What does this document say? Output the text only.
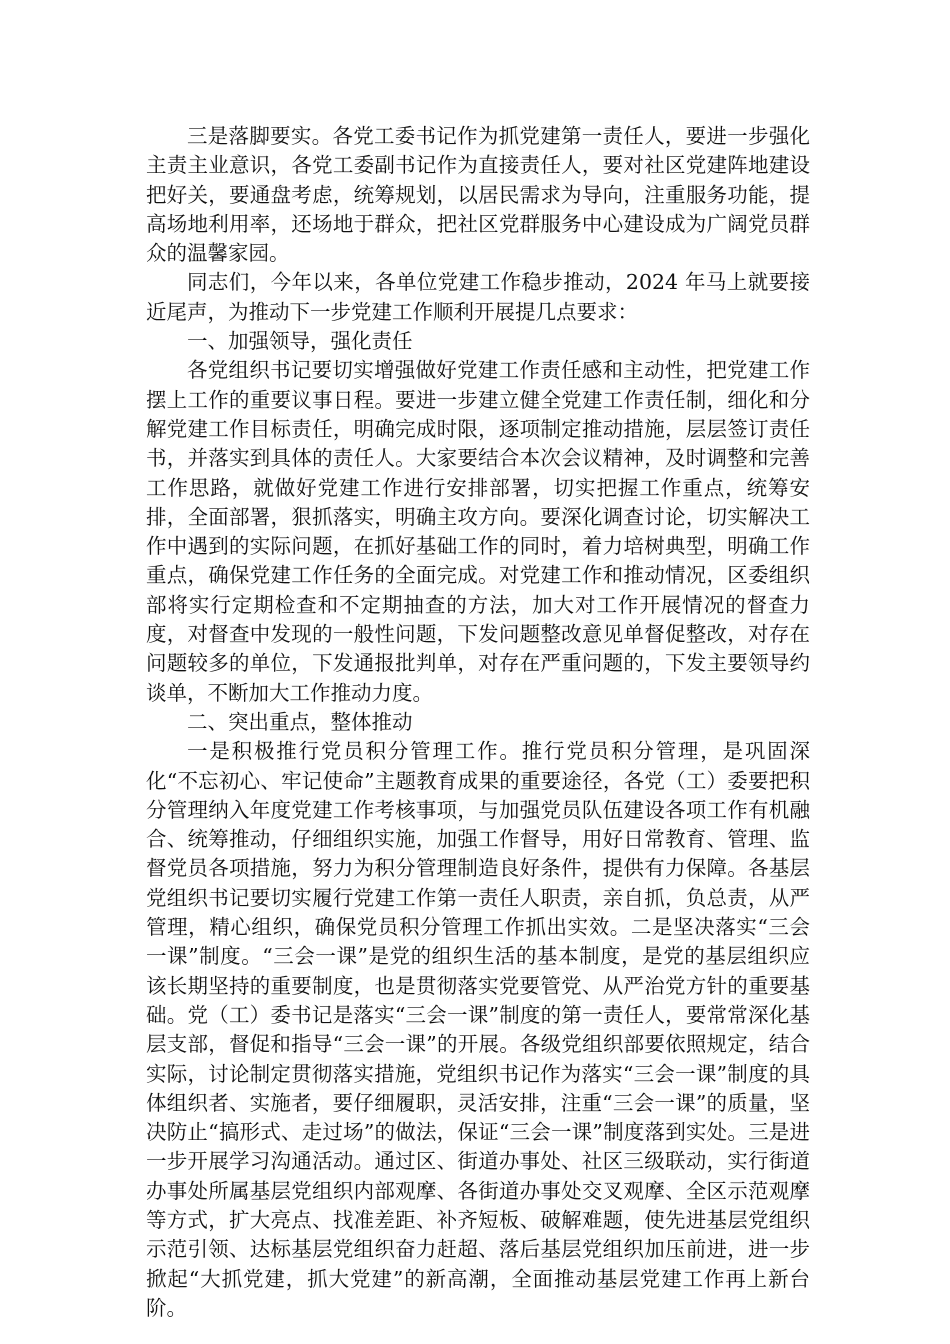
三是落脚要实。各党工委书记作为抓党建第一责任人，要进一步强化主责主业意识，各党工委副书记作为直接责任人，要对社区党建阵地建设把好关，要通盘考虑，统筹规划，以居民需求为导向，注重服务功能，提高场地利用率，还场地于群众，把社区党群服务中心建设成为广阔党员群众的温馨家园。

同志们，今年以来，各单位党建工作稳步推动，2024 年马上就要接近尾声，为推动下一步党建工作顺利开展提几点要求：

一、加强领导，强化责任

各党组织书记要切实增强做好党建工作责任感和主动性，把党建工作摆上工作的重要议事日程。要进一步建立健全党建工作责任制，细化和分解党建工作目标责任，明确完成时限，逐项制定推动措施，层层签订责任书，并落实到具体的责任人。大家要结合本次会议精神，及时调整和完善工作思路，就做好党建工作进行安排部署，切实把握工作重点，统筹安排，全面部署，狠抓落实，明确主攻方向。要深化调查讨论，切实解决工作中遇到的实际问题，在抓好基础工作的同时，着力培树典型，明确工作重点，确保党建工作任务的全面完成。对党建工作和推动情况，区委组织部将实行定期检查和不定期抽查的方法，加大对工作开展情况的督查力度，对督查中发现的一般性问题，下发问题整改意见单督促整改，对存在问题较多的单位，下发通报批判单，对存在严重问题的，下发主要领导约谈单，不断加大工作推动力度。

二、突出重点，整体推动

一是积极推行党员积分管理工作。推行党员积分管理，是巩固深化“不忘初心、牢记使命”主题教育成果的重要途径，各党（工）委要把积分管理纳入年度党建工作考核事项，与加强党员队伍建设各项工作有机融合、统筹推动，仔细组织实施，加强工作督导，用好日常教育、管理、监督党员各项措施，努力为积分管理制造良好条件，提供有力保障。各基层党组织书记要切实履行党建工作第一责任人职责，亲自抓，负总责，从严管理，精心组织，确保党员积分管理工作抓出实效。二是坚决落实“三会一课”制度。“三会一课”是党的组织生活的基本制度，是党的基层组织应该长期坚持的重要制度，也是贯彻落实党要管党、从严治党方针的重要基础。党（工）委书记是落实“三会一课”制度的第一责任人，要常常深化基层支部，督促和指导“三会一课”的开展。各级党组织部要依照规定，结合实际，讨论制定贯彻落实措施，党组织书记作为落实“三会一课”制度的具体组织者、实施者，要仔细履职，灵活安排，注重“三会一课”的质量，坚决防止“搞形式、走过场”的做法，保证“三会一课”制度落到实处。三是进一步开展学习沟通活动。通过区、街道办事处、社区三级联动，实行街道办事处所属基层党组织内部观摩、各街道办事处交叉观摩、全区示范观摩等方式，扩大亮点、找准差距、补齐短板、破解难题，使先进基层党组织示范引领、达标基层党组织奋力赶超、落后基层党组织加压前进，进一步掀起“大抓党建，抓大党建”的新高潮，全面推动基层党建工作再上新台阶。
